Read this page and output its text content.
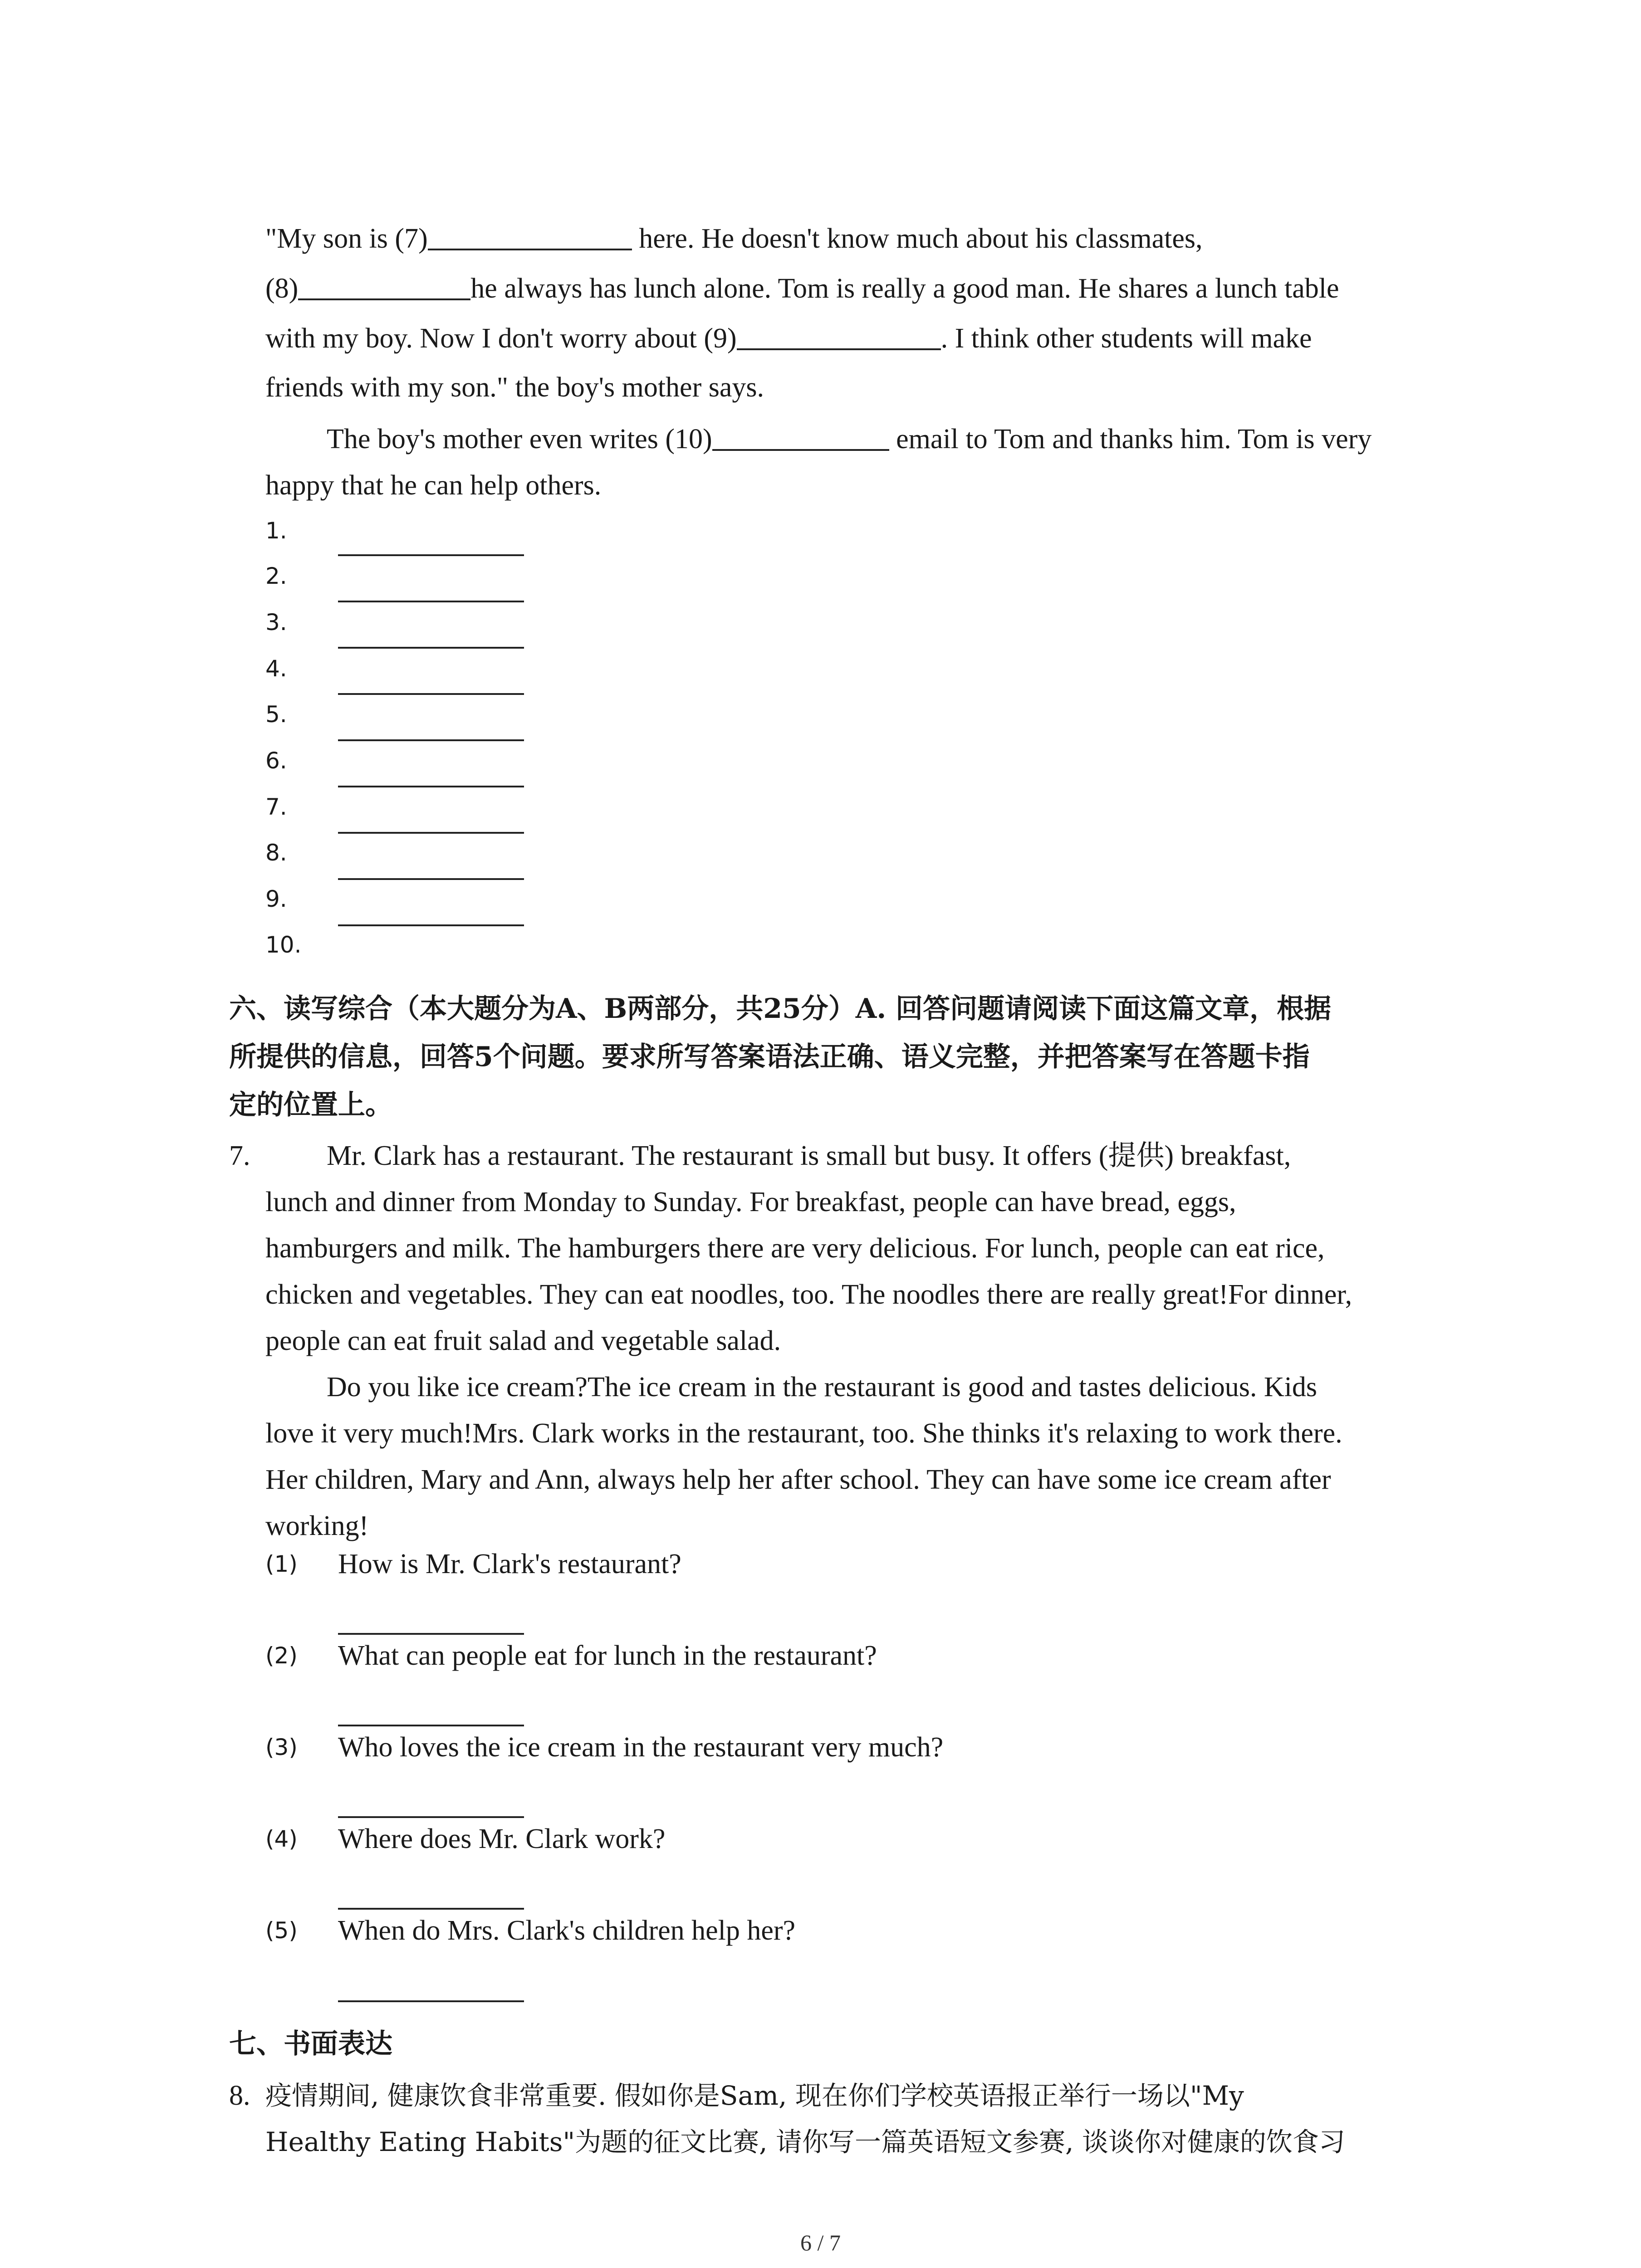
"My son is (7)	here. He doesn't know much about his classmates,
(8)	he always has lunch alone. Tom is really a good man. He shares a lunch table
with my boy. Now I don't worry about (9)	. I think other students will make
friends with my son." the boy's mother says.
The boy's mother even writes (10)	email to Tom and thanks him. Tom is very
happy that he can help others.
1.
2.
3.
4.
5.
6.
7.
8.
9.
10.
六、读写综合（本大题分为A、B两部分，共25分）A. 回答问题请阅读下面这篇文章，根据
所提供的信息，回答5个问题。要求所写答案语法正确、语义完整，并把答案写在答题卡指
定的位置上。
7.	Mr. Clark has a restaurant. The restaurant is small but busy. It offers (提供) breakfast,
lunch and dinner from Monday to Sunday. For breakfast, people can have bread, eggs,
hamburgers and milk. The hamburgers there are very delicious. For lunch, people can eat rice,
chicken and vegetables. They can eat noodles, too. The noodles there are really great!For dinner,
people can eat fruit salad and vegetable salad.
Do you like ice cream?The ice cream in the restaurant is good and tastes delicious. Kids
love it very much!Mrs. Clark works in the restaurant, too. She thinks it's relaxing to work there.
Her children, Mary and Ann, always help her after school. They can have some ice cream after
working!
(1) How is Mr. Clark's restaurant?
(2) What can people eat for lunch in the restaurant?
(3) Who loves the ice cream in the restaurant very much?
(4) Where does Mr. Clark work?
(5) When do Mrs. Clark's children help her?
七、书面表达
8. 疫情期间, 健康饮食非常重要. 假如你是Sam, 现在你们学校英语报正举行一场以"My
Healthy Eating Habits"为题的征文比赛, 请你写一篇英语短文参赛, 谈谈你对健康的饮食习
6 / 7
